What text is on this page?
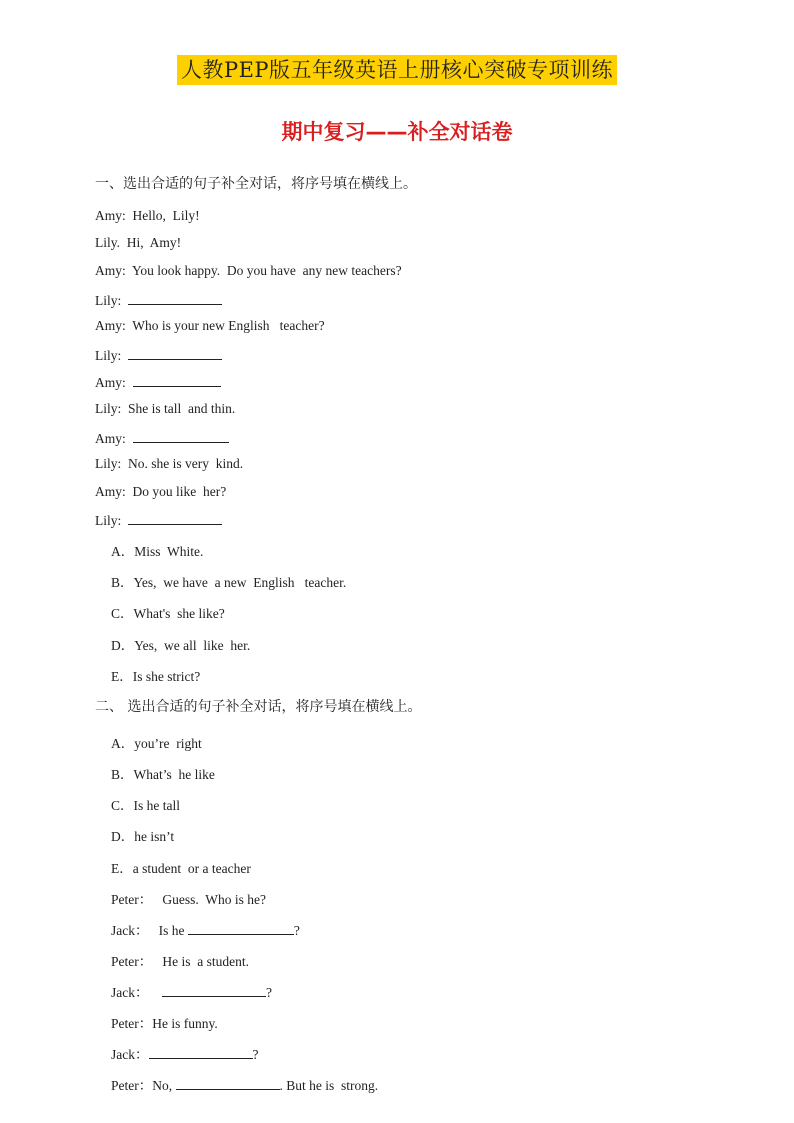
人教PEP版五年级英语上册核心突破专项训练
期中复习——补全对话卷
一、选出合适的句子补全对话，将序号填在横线上。
Amy: Hello,  Lily!
Lily. Hi,  Amy!
Amy: You look happy.  Do you have  any new teachers?
Lily:
Amy: Who is your new English   teacher?
Lily:
Amy:
Lily: She is tall  and thin.
Amy:
Lily: No. she is very  kind.
Amy: Do you like  her?
Lily:
A．Miss  White.
B．Yes,  we have  a new  English   teacher.
C．What's  she like?
D．Yes,  we all  like  her.
E．Is she strict?
二、 选出合适的句子补全对话，将序号填在横线上。
A．you’re  right
B．What’s  he like
C．Is he tall
D．he isn’t
E．a student  or a teacher
Peter：   Guess.  Who is he?
Jack：   Is he	?
Peter：   He is  a student.
Jack：	?
Peter：He is funny.
Jack：	?
Peter：No,	. But he is  strong.
